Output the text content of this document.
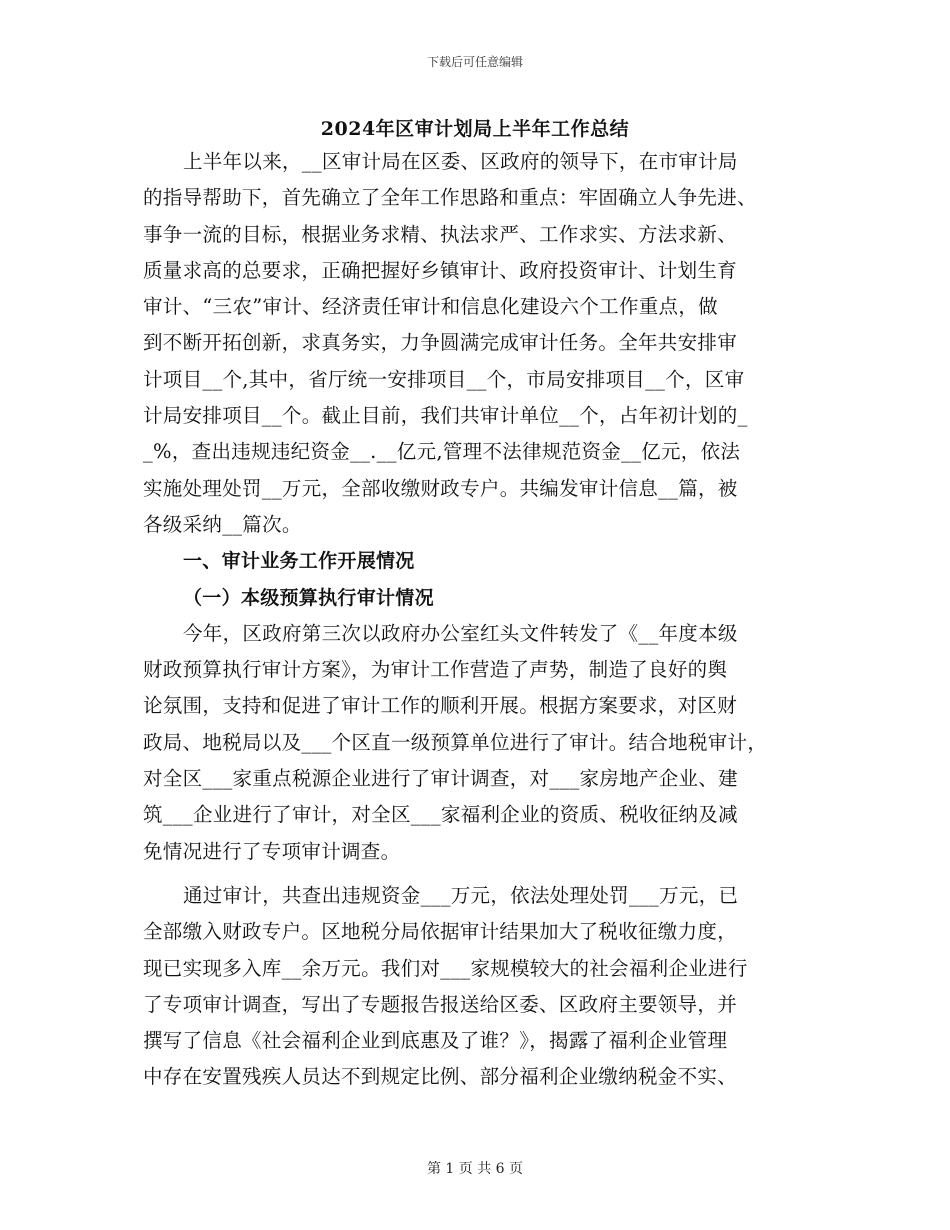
下载后可任意编辑
2024年区审计划局上半年工作总结
上半年以来，__区审计局在区委、区政府的领导下，在市审计局
的指导帮助下，首先确立了全年工作思路和重点：牢固确立人争先进、
事争一流的目标，根据业务求精、执法求严、工作求实、方法求新、
质量求高的总要求，正确把握好乡镇审计、政府投资审计、计划生育
审计、“三农”审计、经济责任审计和信息化建设六个工作重点，做
到不断开拓创新，求真务实，力争圆满完成审计任务。全年共安排审
计项目__个,其中，省厅统一安排项目__个，市局安排项目__个，区审
计局安排项目__个。截止目前，我们共审计单位__个，占年初计划的_
_%，查出违规违纪资金__.__亿元,管理不法律规范资金__亿元，依法
实施处理处罚__万元，全部收缴财政专户。共编发审计信息__篇，被
各级采纳__篇次。
一、审计业务工作开展情况
（一）本级预算执行审计情况
今年，区政府第三次以政府办公室红头文件转发了《__年度本级
财政预算执行审计方案》，为审计工作营造了声势，制造了良好的舆
论氛围，支持和促进了审计工作的顺利开展。根据方案要求，对区财
政局、地税局以及___个区直一级预算单位进行了审计。结合地税审计，
对全区___家重点税源企业进行了审计调查，对___家房地产企业、建
筑___企业进行了审计，对全区___家福利企业的资质、税收征纳及减
免情况进行了专项审计调查。
通过审计，共查出违规资金___万元，依法处理处罚___万元，已
全部缴入财政专户。区地税分局依据审计结果加大了税收征缴力度，
现已实现多入库__余万元。我们对___家规模较大的社会福利企业进行
了专项审计调查，写出了专题报告报送给区委、区政府主要领导，并
撰写了信息《社会福利企业到底惠及了谁？》，揭露了福利企业管理
中存在安置残疾人员达不到规定比例、部分福利企业缴纳税金不实、
第 1 页 共 6 页
